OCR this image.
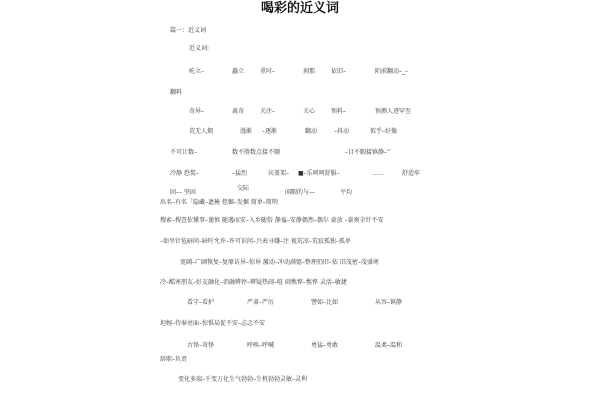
喝彩的近义词
篇一：近义词
近义词:
屹立–	矗立	重吋–	刹那	依旧–	陌前翻动–_–
翻料
奇异–	离奇	关注–	关心	预料–	预测人迹罕至
荒无人烟	漫渐 –逐渐	翻动	–抖动	似乎–好像
不可计数–	数不胜数点接不顺	–目不暇接镇静–‘’
冷静 恐慌–	–猛烈	宾盖架– ■–乐呵呵舒服–	……	舒适牢
固–– 坚固
交际
闲暇的与––	平均
出名–有名「隐藏–遮掩 控掘–发掘 简单–简明
搜索–搜查依懂事–谨慎 随遇而安–入乡随俗 静谧–安静偶然–偶尔 豪放 –豪爽全针不安
–如坐针毡暗问–暗吁允许–许可识问–兴表寻嫌–注 视荒凉–荒寂孤独–孤单
宽阔–广阔恢复–复原访异–惊异 激动–冲动满憶–整理仍旧–依 旧茂密–茂盛寒
冷–酷寒朋友–好友融化–消融辨停–辨疑热闹–喧 闹憔悴–憔悴 灵活–敏捷
看守–看护	严肃–严厉	譬如–比如	从容–镇静
坦婉–侍奉亮面–惊惧局促不安–忐忑不安
古怪–奇怪	呼唤–呼喊	勇猛–勇敢	温柔–温和
辞职–负责
变化多端–千变万化生气勃勃–生机勃勃灵敏–灵利
